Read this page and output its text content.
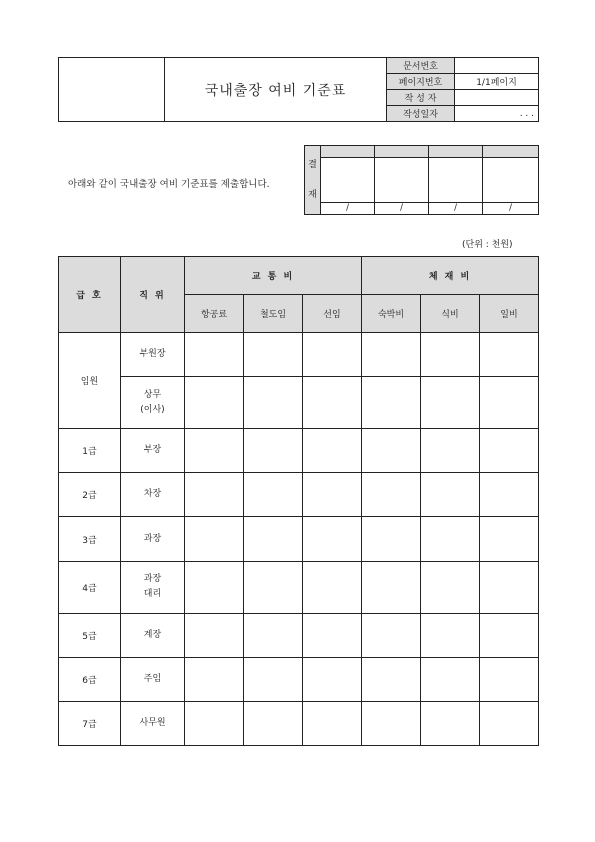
	국내출장 여비 기준표	문서번호	
		페이지번호	1/1페이지
		작 성 자	
		작성일자	. . .
아래와 같이 국내출장 여비 기준표를 제출합니다.
결
재				

	/	/	/	/
(단위 : 천원)
급 호	직 위	교 통 비			체 재 비		
		항공료	철도임	선임	숙박비	식비	일비
임원	부원장						
	상무
(이사)						
1급	부장						
2급	차장						
3급	과장						
4급	과장
대리						
5급	계장						
6급	주임						
7급	사무원						
